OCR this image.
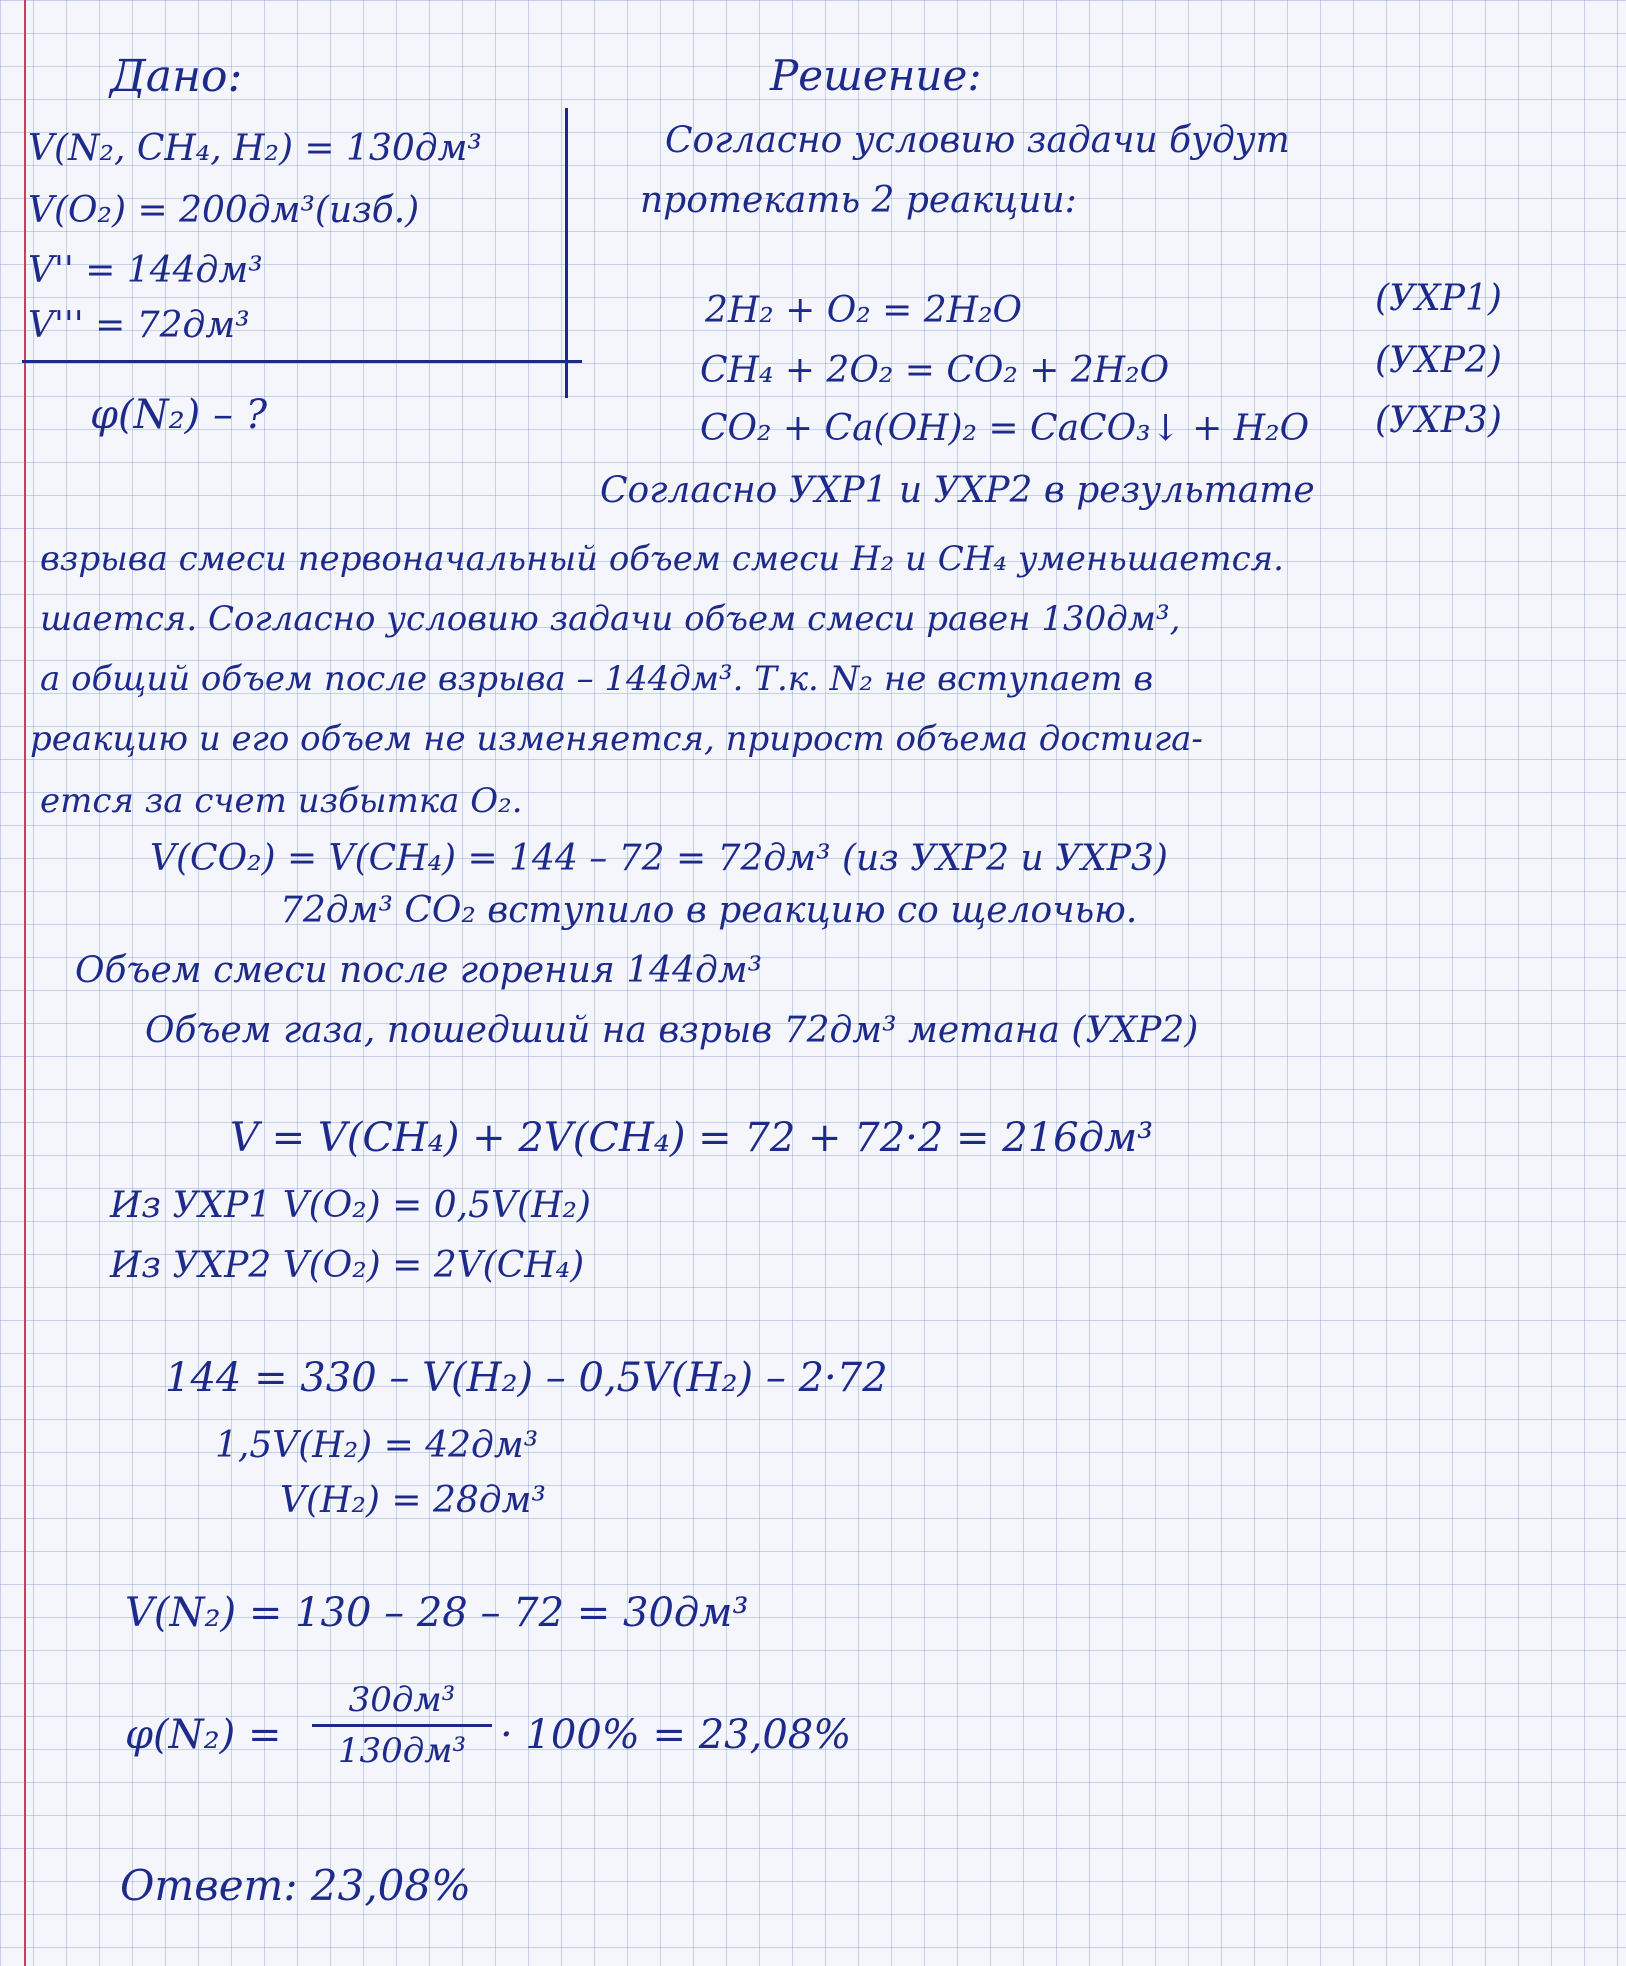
Дано:
V(N₂, CH₄, H₂) = 130дм³
V(O₂) = 200дм³(изб.)
V'' = 144дм³
V''' = 72дм³
φ(N₂) – ?
Решение:
Согласно условию задачи будут
протекать 2 реакции:
2H₂ + O₂ = 2H₂O	(УХР1)
CH₄ + 2O₂ = CO₂ + 2H₂O	(УХР2)
CO₂ + Ca(OH)₂ = CaCO₃↓ + H₂O (УХР3)
Согласно УХР1 и УХР2 в результате
взрыва смеси первоначальный объем смеси H₂ и CH₄ уменьшается.
шается. Согласно условию задачи объем смеси равен 130дм³,
а общий объем после взрыва – 144дм³. Т.к. N₂ не вступает в
реакцию и его объем не изменяется, прирост объема достига-
ется за счет избытка O₂.
V(CO₂) = V(CH₄) = 144 – 72 = 72дм³ (из УХР2 и УХР3)
72дм³ CO₂ вступило в реакцию со щелочью.
Объем смеси после горения 144дм³
Объем газа, пошедший на взрыв 72дм³ метана (УХР2)
V = V(CH₄) + 2V(CH₄) = 72 + 72·2 = 216дм³
Из УХР1 V(O₂) = 0,5V(H₂)
Из УХР2 V(O₂) = 2V(CH₄)
144 = 330 – V(H₂) – 0,5V(H₂) – 2·72
1,5V(H₂) = 42дм³
V(H₂) = 28дм³
V(N₂) = 130 – 28 – 72 = 30дм³
φ(N₂) =
30дм³
130дм³ · 100% = 23,08%
Ответ: 23,08%
